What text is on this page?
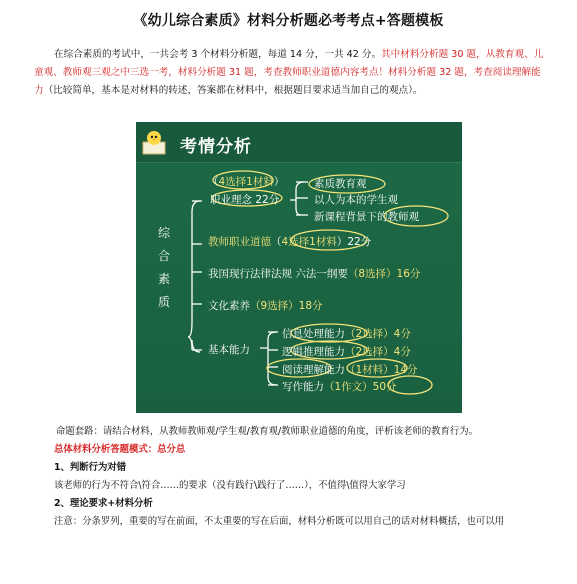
《幼儿综合素质》材料分析题必考考点+答题模板
在综合素质的考试中，一共会考 3 个材料分析题，每道 14 分，一共 42 分。其中材料分析题 30 题，从教育观、儿童观、教师观三观之中三选一考，材料分析题 31 题，考查教师职业道德内容考点！材料分析题 32 题，考查阅读理解能力（比较简单，基本是对材料的转述，答案都在材料中，根据题目要求适当加自己的观点）。
考情分析
综合素质
（4选择1材料）
职业理念 22分
素质教育观
以人为本的学生观
新课程背景下的教师观
教师职业道德（4选择1材料）22分
我国现行法律法规 六法一纲要（8选择）16分
文化素养（9选择）18分
基本能力
信息处理能力（2选择）4分
逻辑推理能力（2选择）4分
阅读理解能力（1材料）14分
写作能力（1作文）50分
命题套路：请结合材料，从教师教师观/学生观/教育观/教师职业道德的角度，评析该老师的教育行为。
总体材料分析答题模式：总分总
1、判断行为对错
该老师的行为不符合\符合……的要求（没有践行\践行了……），不值得\值得大家学习
2、理论要求+材料分析
注意：分条罗列，重要的写在前面，不太重要的写在后面，材料分析既可以用自己的话对材料概括，也可以用
